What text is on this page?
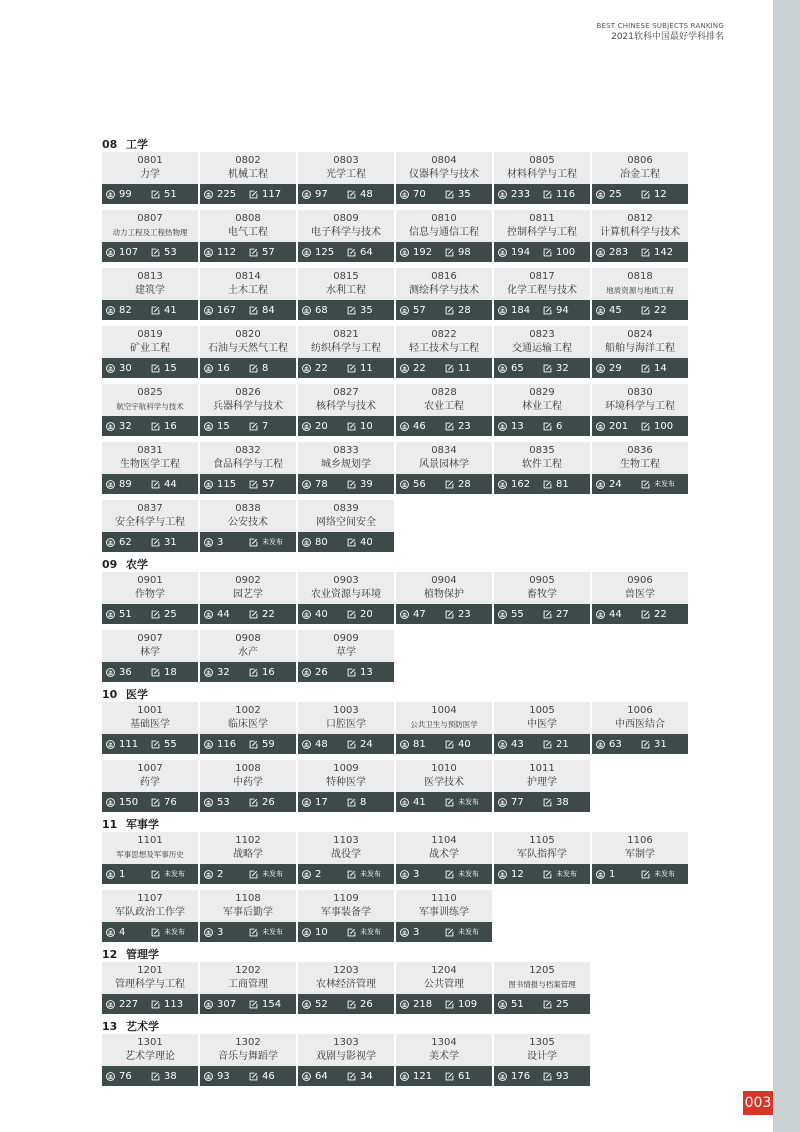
BEST CHINESE SUBJECTS RANKING
2021软科中国最好学科排名
08 工学
0801
力学
99	51
0802
机械工程
225	117
0803
光学工程
97	48
0804
仪器科学与技术
70	35
0805
材料科学与工程
233	116
0806
冶金工程
25	12
0807
动力工程及工程热物理
107	53
0808
电气工程
112	57
0809
电子科学与技术
125	64
0810
信息与通信工程
192	98
0811
控制科学与工程
194	100
0812
计算机科学与技术
283	142
0813
建筑学
82	41
0814
土木工程
167	84
0815
水利工程
68	35
0816
测绘科学与技术
57	28
0817
化学工程与技术
184	94
0818
地质资源与地质工程
45	22
0819
矿业工程
30	15
0820
石油与天然气工程
16	8
0821
纺织科学与工程
22	11
0822
轻工技术与工程
22	11
0823
交通运输工程
65	32
0824
船舶与海洋工程
29	14
0825
航空宇航科学与技术
32	16
0826
兵器科学与技术
15	7
0827
核科学与技术
20	10
0828
农业工程
46	23
0829
林业工程
13	6
0830
环境科学与工程
201	100
0831
生物医学工程
89	44
0832
食品科学与工程
115	57
0833
城乡规划学
78	39
0834
风景园林学
56	28
0835
软件工程
162	81
0836
生物工程
24	未发布
0837
安全科学与工程
62	31
0838
公安技术
3	未发布
0839
网络空间安全
80	40
09 农学
0901
作物学
51	25
0902
园艺学
44	22
0903
农业资源与环境
40	20
0904
植物保护
47	23
0905
畜牧学
55	27
0906
兽医学
44	22
0907
林学
36	18
0908
水产
32	16
0909
草学
26	13
10 医学
1001
基础医学
111	55
1002
临床医学
116	59
1003
口腔医学
48	24
1004
公共卫生与预防医学
81	40
1005
中医学
43	21
1006
中西医结合
63	31
1007
药学
150	76
1008
中药学
53	26
1009
特种医学
17	8
1010
医学技术
41	未发布
1011
护理学
77	38
11 军事学
1101
军事思想及军事历史
1	未发布
1102
战略学
2	未发布
1103
战役学
2	未发布
1104
战术学
3	未发布
1105
军队指挥学
12	未发布
1106
军制学
1	未发布
1107
军队政治工作学
4	未发布
1108
军事后勤学
3	未发布
1109
军事装备学
10	未发布
1110
军事训练学
3	未发布
12 管理学
1201
管理科学与工程
227	113
1202
工商管理
307	154
1203
农林经济管理
52	26
1204
公共管理
218	109
1205
图书情报与档案管理
51	25
13 艺术学
1301
艺术学理论
76	38
1302
音乐与舞蹈学
93	46
1303
戏剧与影视学
64	34
1304
美术学
121	61
1305
设计学
176	93
003
